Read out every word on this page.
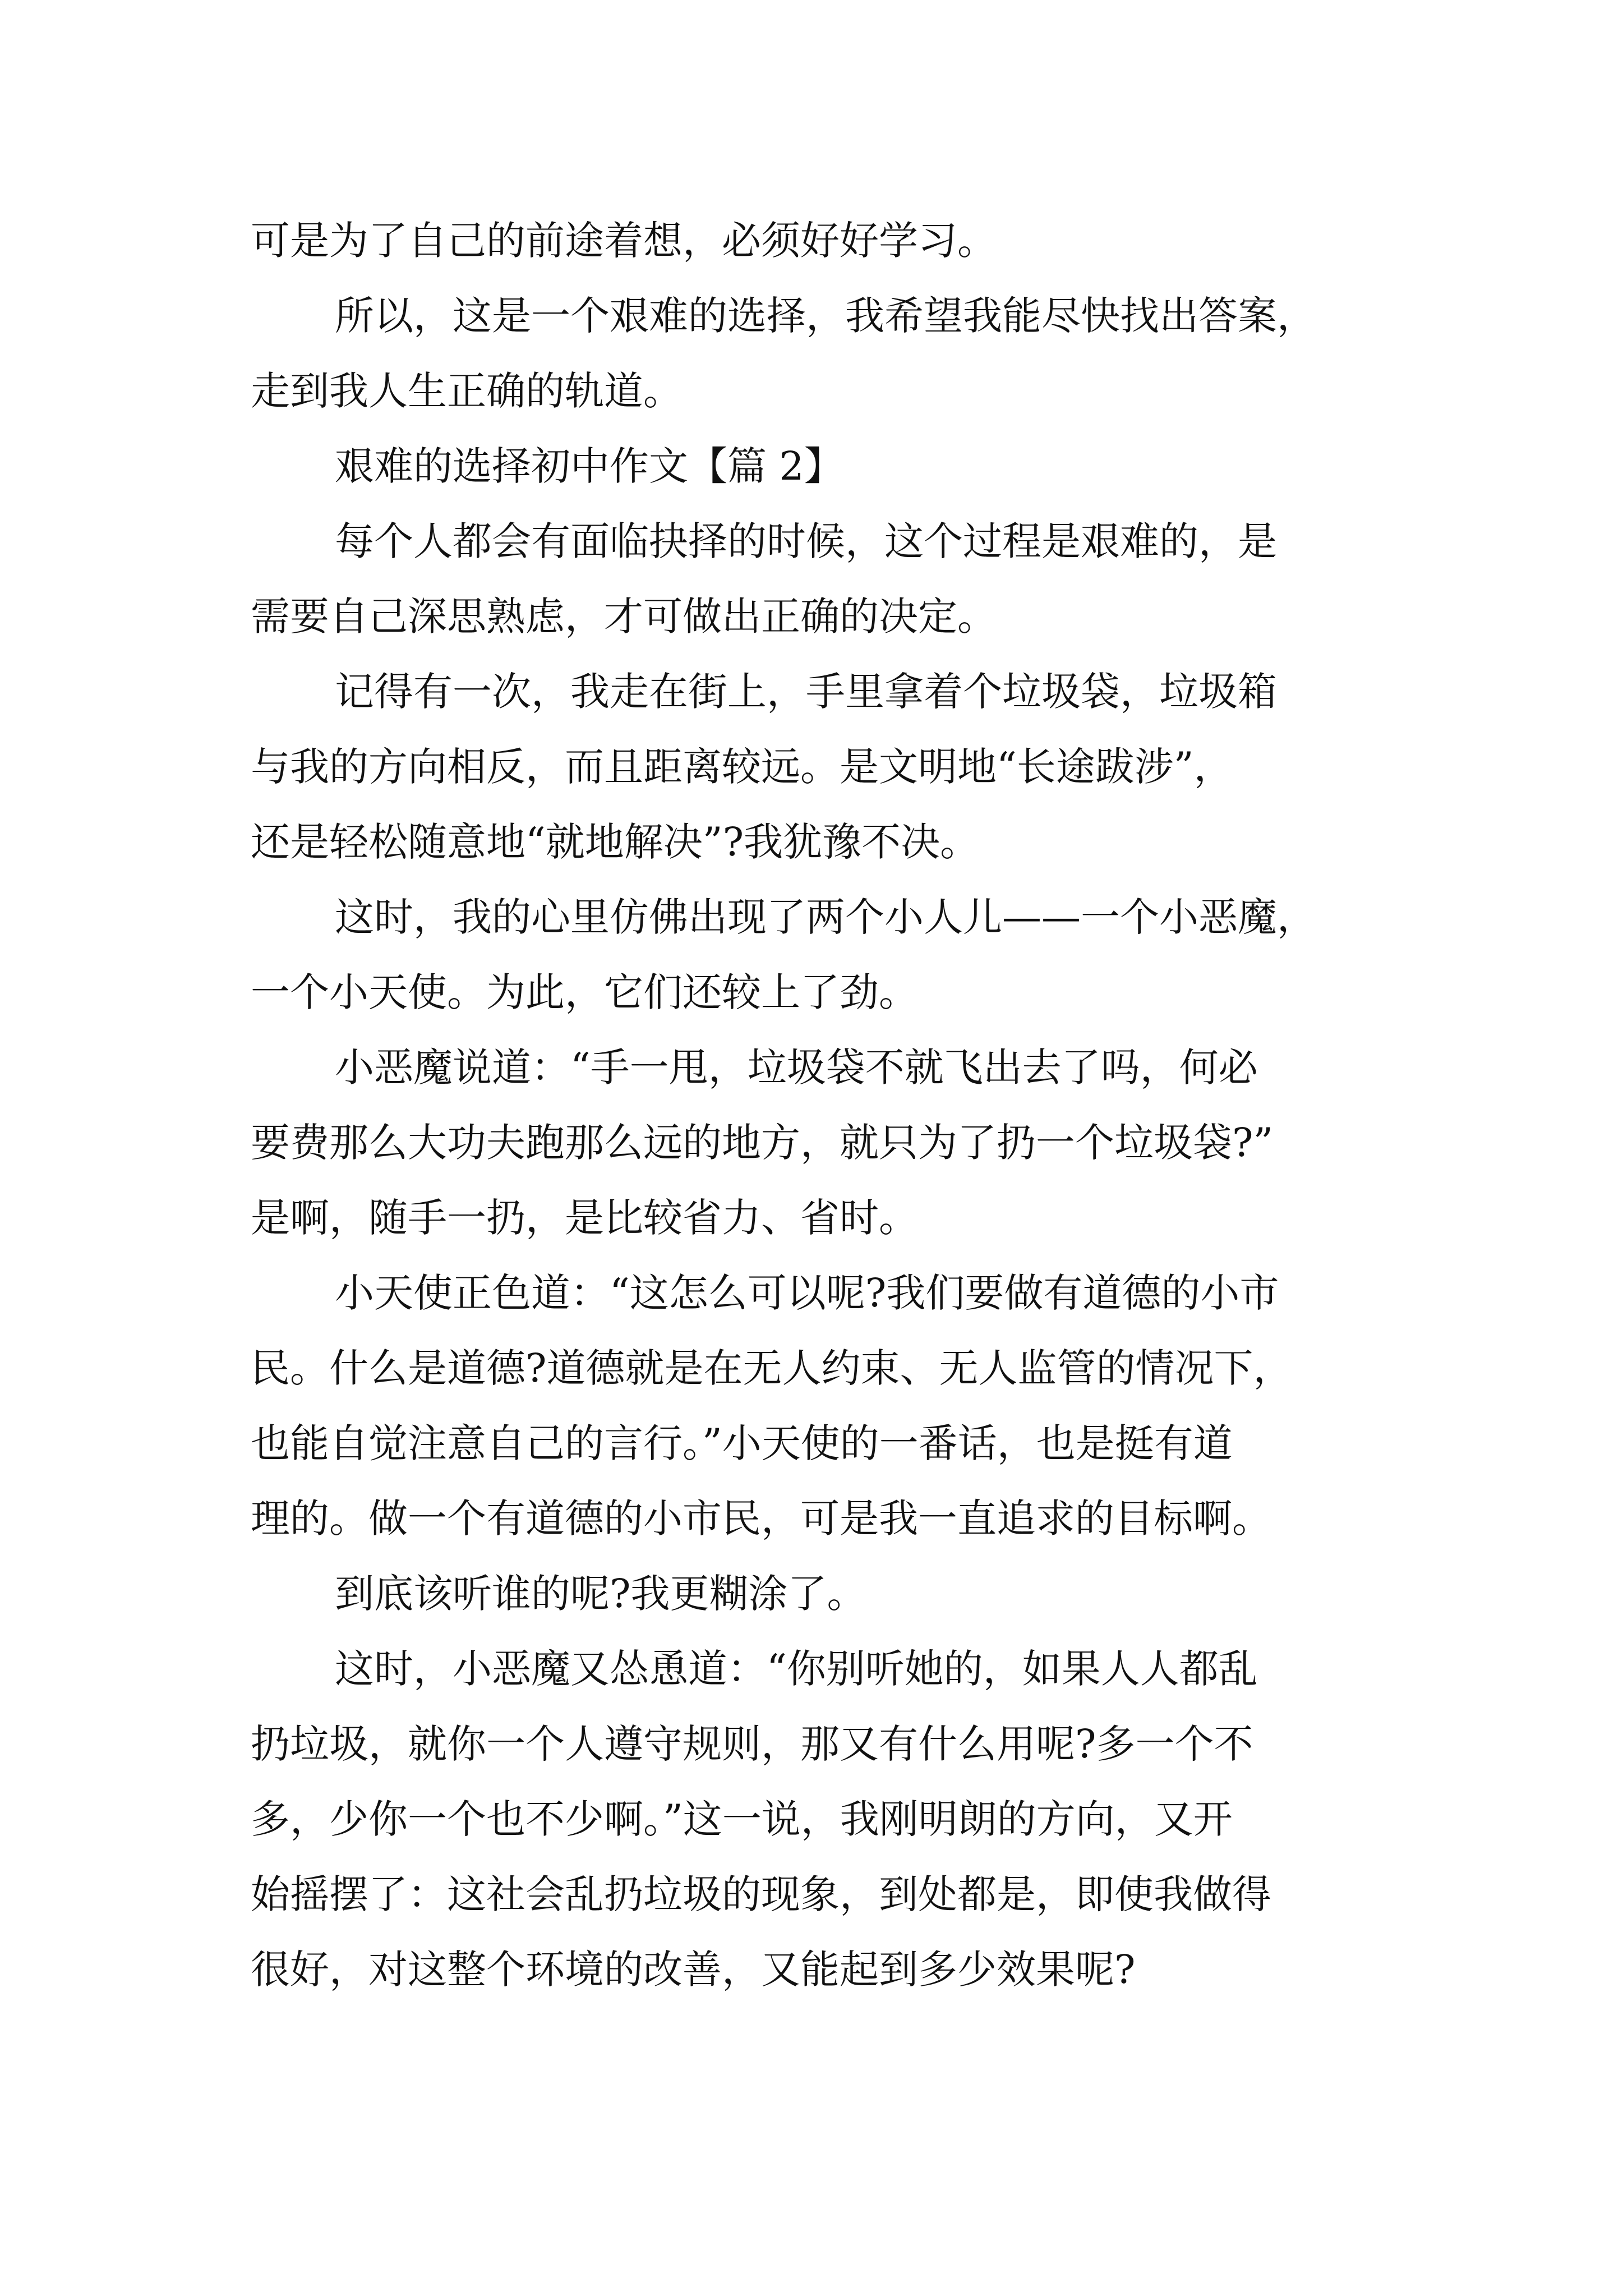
可是为了自己的前途着想，必须好好学习。
所以，这是一个艰难的选择，我希望我能尽快找出答案，
走到我人生正确的轨道。
艰难的选择初中作文【篇 2】
每个人都会有面临抉择的时候，这个过程是艰难的，是
需要自己深思熟虑，才可做出正确的决定。
记得有一次，我走在街上，手里拿着个垃圾袋，垃圾箱
与我的方向相反，而且距离较远。是文明地“长途跋涉”，
还是轻松随意地“就地解决”?我犹豫不决。
这时，我的心里仿佛出现了两个小人儿——一个小恶魔，
一个小天使。为此，它们还较上了劲。
小恶魔说道：“手一甩，垃圾袋不就飞出去了吗，何必
要费那么大功夫跑那么远的地方，就只为了扔一个垃圾袋?”
是啊，随手一扔，是比较省力、省时。
小天使正色道：“这怎么可以呢?我们要做有道德的小市
民。什么是道德?道德就是在无人约束、无人监管的情况下，
也能自觉注意自己的言行。”小天使的一番话，也是挺有道
理的。做一个有道德的小市民，可是我一直追求的目标啊。
到底该听谁的呢?我更糊涂了。
这时，小恶魔又怂恿道：“你别听她的，如果人人都乱
扔垃圾，就你一个人遵守规则，那又有什么用呢?多一个不
多，少你一个也不少啊。”这一说，我刚明朗的方向，又开
始摇摆了：这社会乱扔垃圾的现象，到处都是，即使我做得
很好，对这整个环境的改善，又能起到多少效果呢?
